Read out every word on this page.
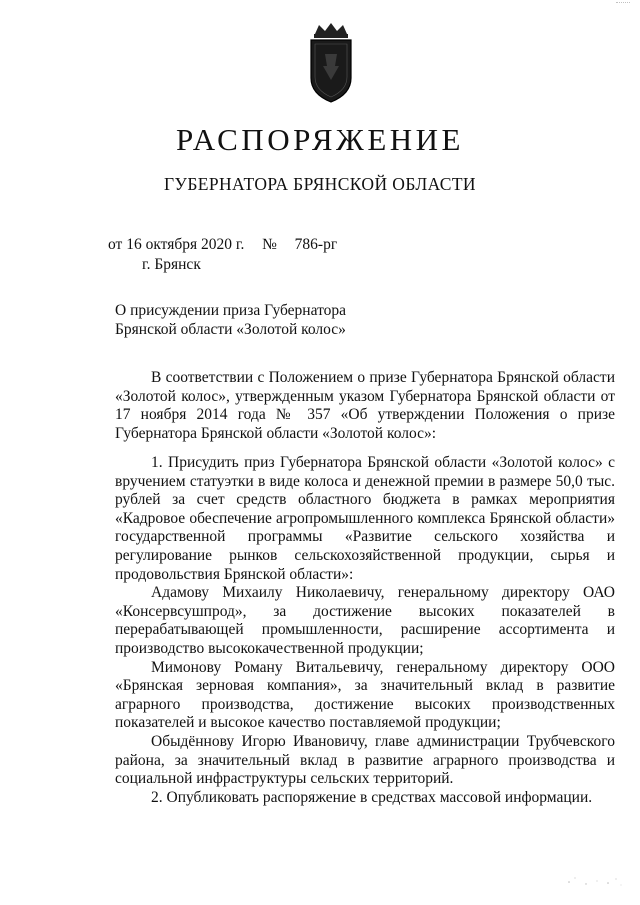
РАСПОРЯЖЕНИЕ
ГУБЕРНАТОРА БРЯНСКОЙ ОБЛАСТИ
от 16 октября 2020 г. № 786-рг
г. Брянск
О присуждении приза Губернатора
Брянской области «Золотой колос»

В соответствии с Положением о призе Губернатора Брянской области «Золотой колос», утвержденным указом Губернатора Брянской области от 17 ноября 2014 года № 357 «Об утверждении Положения о призе Губернатора Брянской области «Золотой колос»:

1. Присудить приз Губернатора Брянской области «Золотой колос» с вручением статуэтки в виде колоса и денежной премии в размере 50,0 тыс. рублей за счет средств областного бюджета в рамках мероприятия «Кадровое обеспечение агропромышленного комплекса Брянской области» государственной программы «Развитие сельского хозяйства и регулирование рынков сельскохозяйственной продукции, сырья и продовольствия Брянской области»:

Адамову Михаилу Николаевичу, генеральному директору ОАО «Консервсушпрод», за достижение высоких показателей в перерабатывающей промышленности, расширение ассортимента и производство высококачественной продукции;

Мимонову Роману Витальевичу, генеральному директору ООО «Брянская зерновая компания», за значительный вклад в развитие аграрного производства, достижение высоких производственных показателей и высокое качество поставляемой продукции;

Обыдённову Игорю Ивановичу, главе администрации Трубчевского района, за значительный вклад в развитие аграрного производства и социальной инфраструктуры сельских территорий.

2. Опубликовать распоряжение в средствах массовой информации.
